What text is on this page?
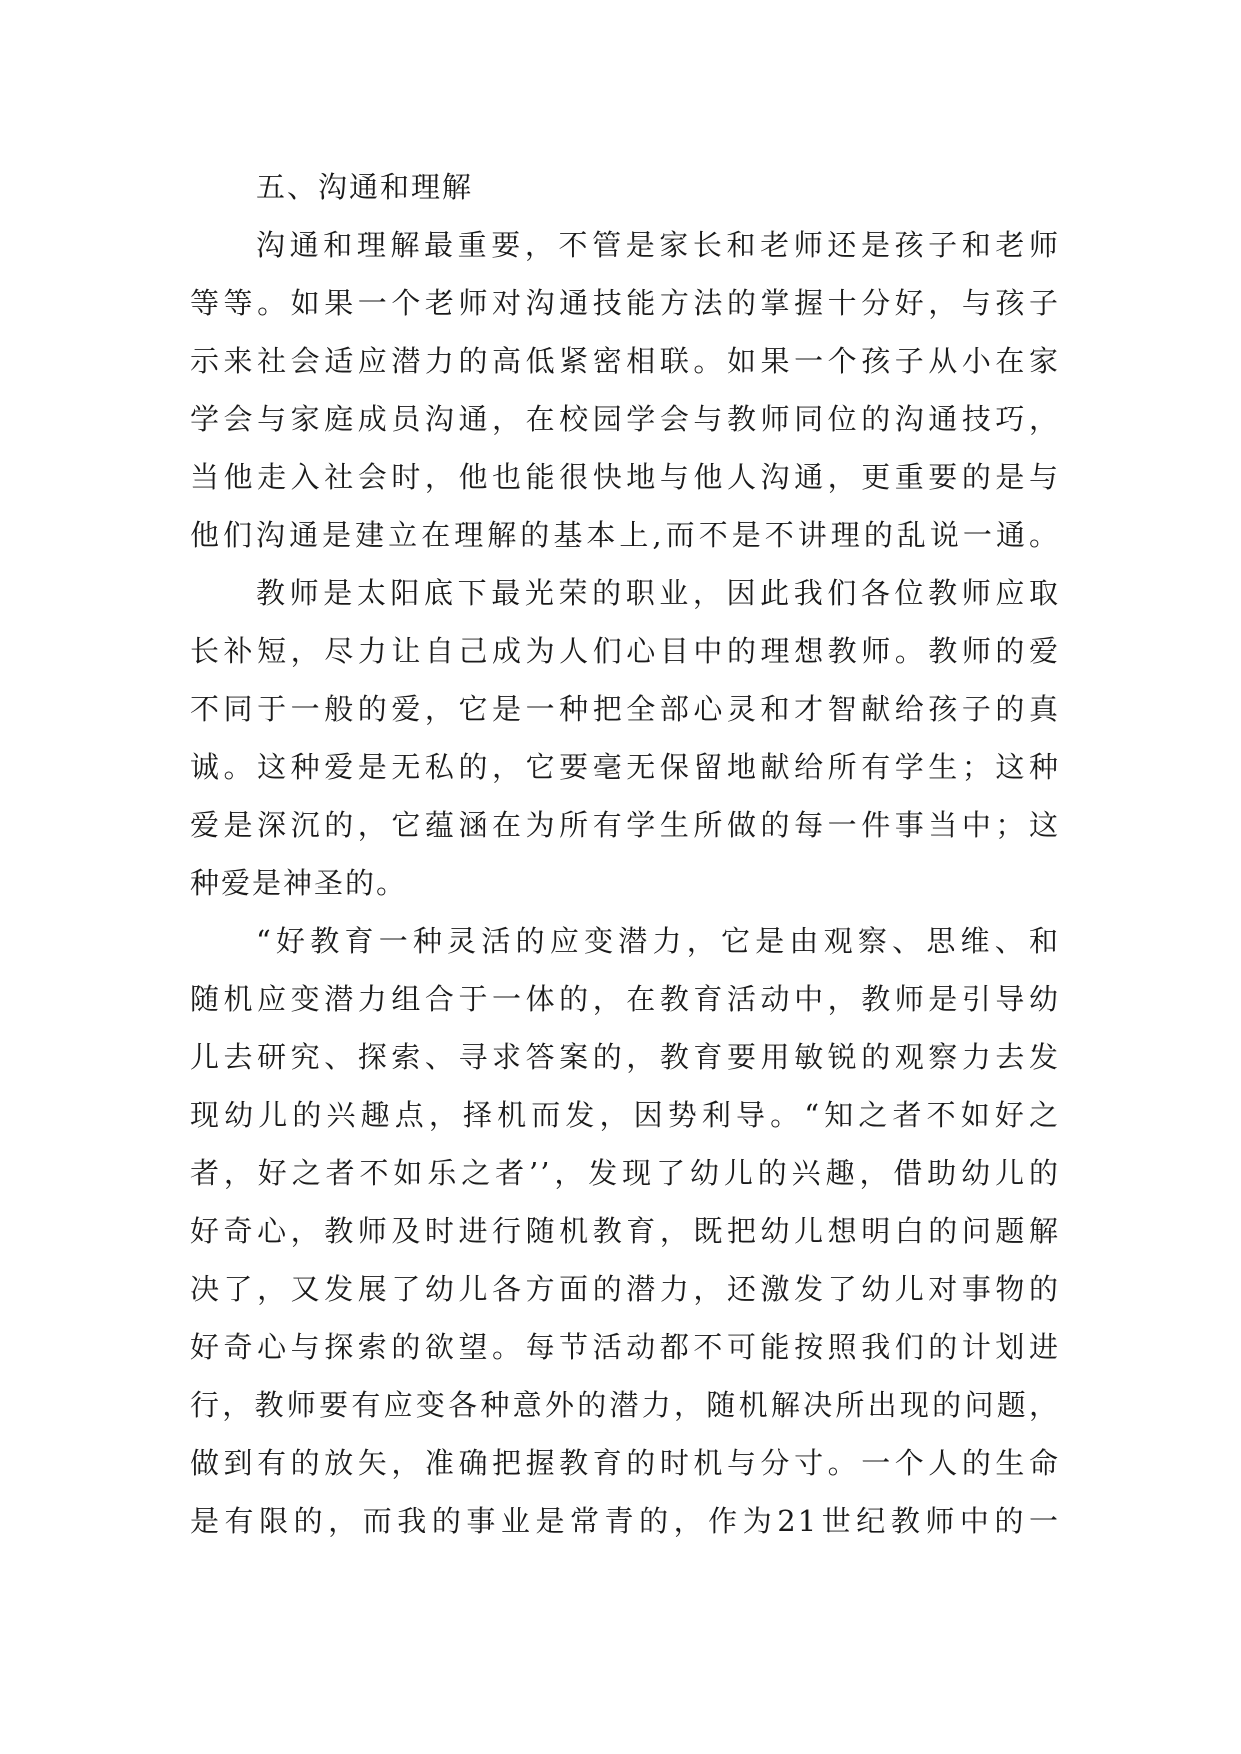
五、沟通和理解
沟通和理解最重要，不管是家长和老师还是孩子和老师
等等。如果一个老师对沟通技能方法的掌握十分好，与孩子
示来社会适应潜力的高低紧密相联。如果一个孩子从小在家
学会与家庭成员沟通，在校园学会与教师同位的沟通技巧，
当他走入社会时，他也能很快地与他人沟通，更重要的是与
他们沟通是建立在理解的基本上,而不是不讲理的乱说一通。
教师是太阳底下最光荣的职业，因此我们各位教师应取
长补短，尽力让自己成为人们心目中的理想教师。教师的爱
不同于一般的爱，它是一种把全部心灵和才智献给孩子的真
诚。这种爱是无私的，它要毫无保留地献给所有学生；这种
爱是深沉的，它蕴涵在为所有学生所做的每一件事当中；这
种爱是神圣的。
“好教育一种灵活的应变潜力，它是由观察、思维、和
随机应变潜力组合于一体的，在教育活动中，教师是引导幼
儿去研究、探索、寻求答案的，教育要用敏锐的观察力去发
现幼儿的兴趣点，择机而发，因势利导。“知之者不如好之
者，好之者不如乐之者’’，发现了幼儿的兴趣，借助幼儿的
好奇心，教师及时进行随机教育，既把幼儿想明白的问题解
决了，又发展了幼儿各方面的潜力，还激发了幼儿对事物的
好奇心与探索的欲望。每节活动都不可能按照我们的计划进
行，教师要有应变各种意外的潜力，随机解决所出现的问题，
做到有的放矢，准确把握教育的时机与分寸。一个人的生命
是有限的，而我的事业是常青的，作为21世纪教师中的一
